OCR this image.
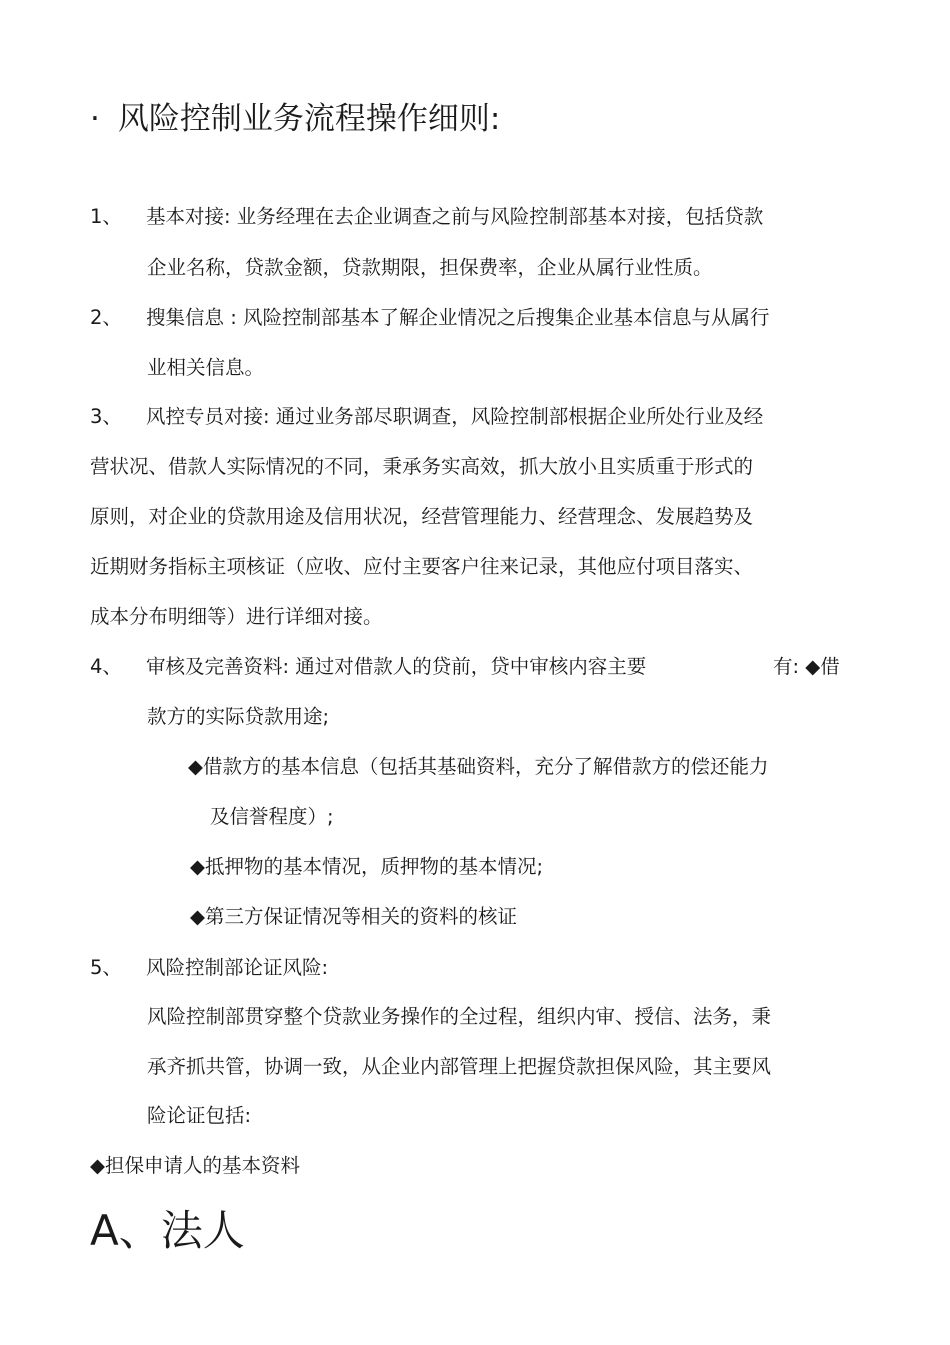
· 风险控制业务流程操作细则:

1、 基本对接: 业务经理在去企业调查之前与风险控制部基本对接，包括贷款

企业名称，贷款金额，贷款期限，担保费率，企业从属行业性质。

2、 搜集信息 : 风险控制部基本了解企业情况之后搜集企业基本信息与从属行

业相关信息。

3、 风控专员对接: 通过业务部尽职调查，风险控制部根据企业所处行业及经

营状况、借款人实际情况的不同，秉承务实高效，抓大放小且实质重于形式的

原则，对企业的贷款用途及信用状况，经营管理能力、经营理念、发展趋势及

近期财务指标主项核证（应收、应付主要客户往来记录，其他应付项目落实、

成本分布明细等）进行详细对接。

4、 审核及完善资料: 通过对借款人的贷前，贷中审核内容主要	有: ◆借

款方的实际贷款用途;

◆借款方的基本信息（包括其基础资料，充分了解借款方的偿还能力

及信誉程度）;

◆抵押物的基本情况，质押物的基本情况;

◆第三方保证情况等相关的资料的核证

5、 风险控制部论证风险:

风险控制部贯穿整个贷款业务操作的全过程，组织内审、授信、法务，秉

承齐抓共管，协调一致，从企业内部管理上把握贷款担保风险，其主要风

险论证包括:

◆担保申请人的基本资料

A、法人
